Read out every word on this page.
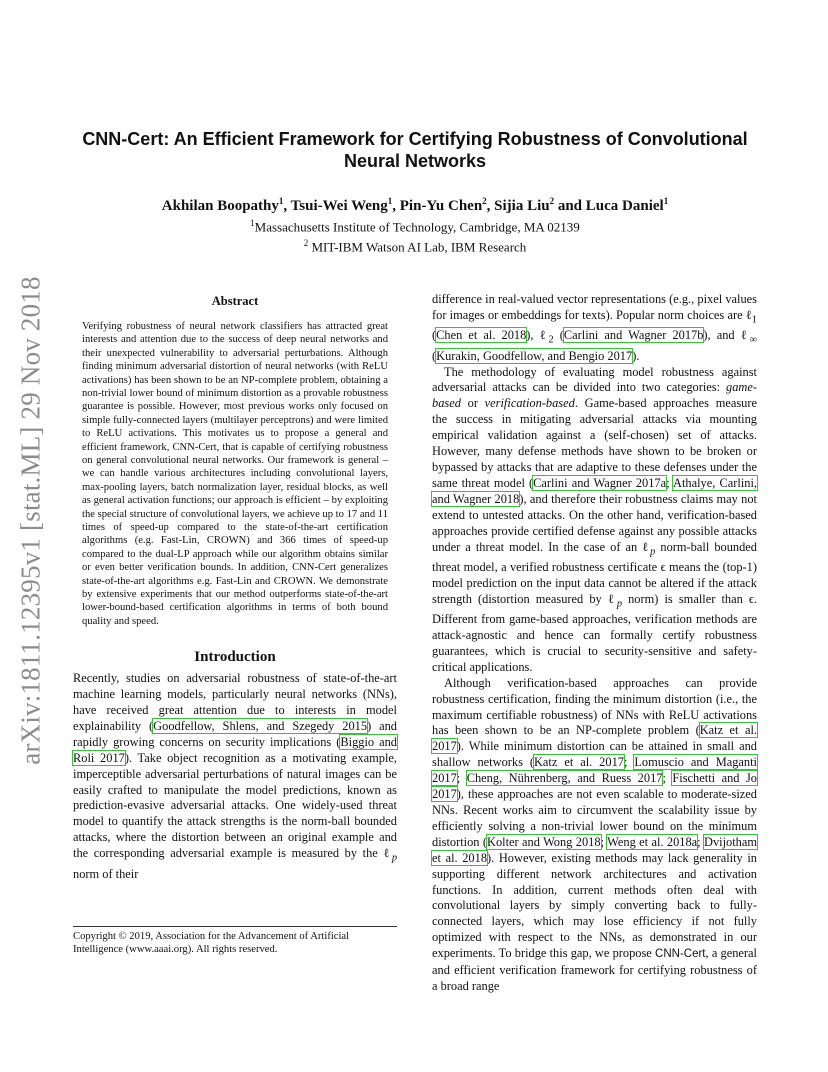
arXiv:1811.12395v1 [stat.ML] 29 Nov 2018
CNN-Cert: An Efficient Framework for Certifying Robustness of Convolutional Neural Networks
Akhilan Boopathy$^1$, Tsui-Wei Weng$^1$, Pin-Yu Chen$^2$, Sijia Liu$^2$ and Luca Daniel$^1$
$^1$Massachusetts Institute of Technology, Cambridge, MA 02139
$^2$ MIT-IBM Watson AI Lab, IBM Research
Abstract

Verifying robustness of neural network classifiers has attracted great interests and attention due to the success of deep neural networks and their unexpected vulnerability to adversarial perturbations. Although finding minimum adversarial distortion of neural networks (with ReLU activations) has been shown to be an NP-complete problem, obtaining a non-trivial lower bound of minimum distortion as a provable robustness guarantee is possible. However, most previous works only focused on simple fully-connected layers (multilayer perceptrons) and were limited to ReLU activations. This motivates us to propose a general and efficient framework, CNN-Cert, that is capable of certifying robustness on general convolutional neural networks. Our framework is general – we can handle various architectures including convolutional layers, max-pooling layers, batch normalization layer, residual blocks, as well as general activation functions; our approach is efficient – by exploiting the special structure of convolutional layers, we achieve up to 17 and 11 times of speed-up compared to the state-of-the-art certification algorithms (e.g. Fast-Lin, CROWN) and 366 times of speed-up compared to the dual-LP approach while our algorithm obtains similar or even better verification bounds. In addition, CNN-Cert generalizes state-of-the-art algorithms e.g. Fast-Lin and CROWN. We demonstrate by extensive experiments that our method outperforms state-of-the-art lower-bound-based certification algorithms in terms of both bound quality and speed.

Introduction

Recently, studies on adversarial robustness of state-of-the-art machine learning models, particularly neural networks (NNs), have received great attention due to interests in model explainability (Goodfellow, Shlens, and Szegedy 2015) and rapidly growing concerns on security implications (Biggio and Roli 2017). Take object recognition as a motivating example, imperceptible adversarial perturbations of natural images can be easily crafted to manipulate the model predictions, known as prediction-evasive adversarial attacks. One widely-used threat model to quantify the attack strengths is the norm-ball bounded attacks, where the distortion between an original example and the corresponding adversarial example is measured by the ℓ$_p$ norm of their

Copyright © 2019, Association for the Advancement of Artificial Intelligence (www.aaai.org). All rights reserved.

difference in real-valued vector representations (e.g., pixel values for images or embeddings for texts). Popular norm choices are ℓ$_1$ (Chen et al. 2018), ℓ$_2$ (Carlini and Wagner 2017b), and ℓ$_\infty$ (Kurakin, Goodfellow, and Bengio 2017).

The methodology of evaluating model robustness against adversarial attacks can be divided into two categories: game-based or verification-based. Game-based approaches measure the success in mitigating adversarial attacks via mounting empirical validation against a (self-chosen) set of attacks. However, many defense methods have shown to be broken or bypassed by attacks that are adaptive to these defenses under the same threat model (Carlini and Wagner 2017a; Athalye, Carlini, and Wagner 2018), and therefore their robustness claims may not extend to untested attacks. On the other hand, verification-based approaches provide certified defense against any possible attacks under a threat model. In the case of an ℓ$_p$ norm-ball bounded threat model, a verified robustness certificate ϵ means the (top-1) model prediction on the input data cannot be altered if the attack strength (distortion measured by ℓ$_p$ norm) is smaller than ϵ. Different from game-based approaches, verification methods are attack-agnostic and hence can formally certify robustness guarantees, which is crucial to security-sensitive and safety-critical applications.

Although verification-based approaches can provide robustness certification, finding the minimum distortion (i.e., the maximum certifiable robustness) of NNs with ReLU activations has been shown to be an NP-complete problem (Katz et al. 2017). While minimum distortion can be attained in small and shallow networks (Katz et al. 2017; Lomuscio and Maganti 2017; Cheng, Nührenberg, and Ruess 2017; Fischetti and Jo 2017), these approaches are not even scalable to moderate-sized NNs. Recent works aim to circumvent the scalability issue by efficiently solving a non-trivial lower bound on the minimum distortion (Kolter and Wong 2018; Weng et al. 2018a; Dvijotham et al. 2018). However, existing methods may lack generality in supporting different network architectures and activation functions. In addition, current methods often deal with convolutional layers by simply converting back to fully-connected layers, which may lose efficiency if not fully optimized with respect to the NNs, as demonstrated in our experiments. To bridge this gap, we propose CNN-Cert, a general and efficient verification framework for certifying robustness of a broad range
